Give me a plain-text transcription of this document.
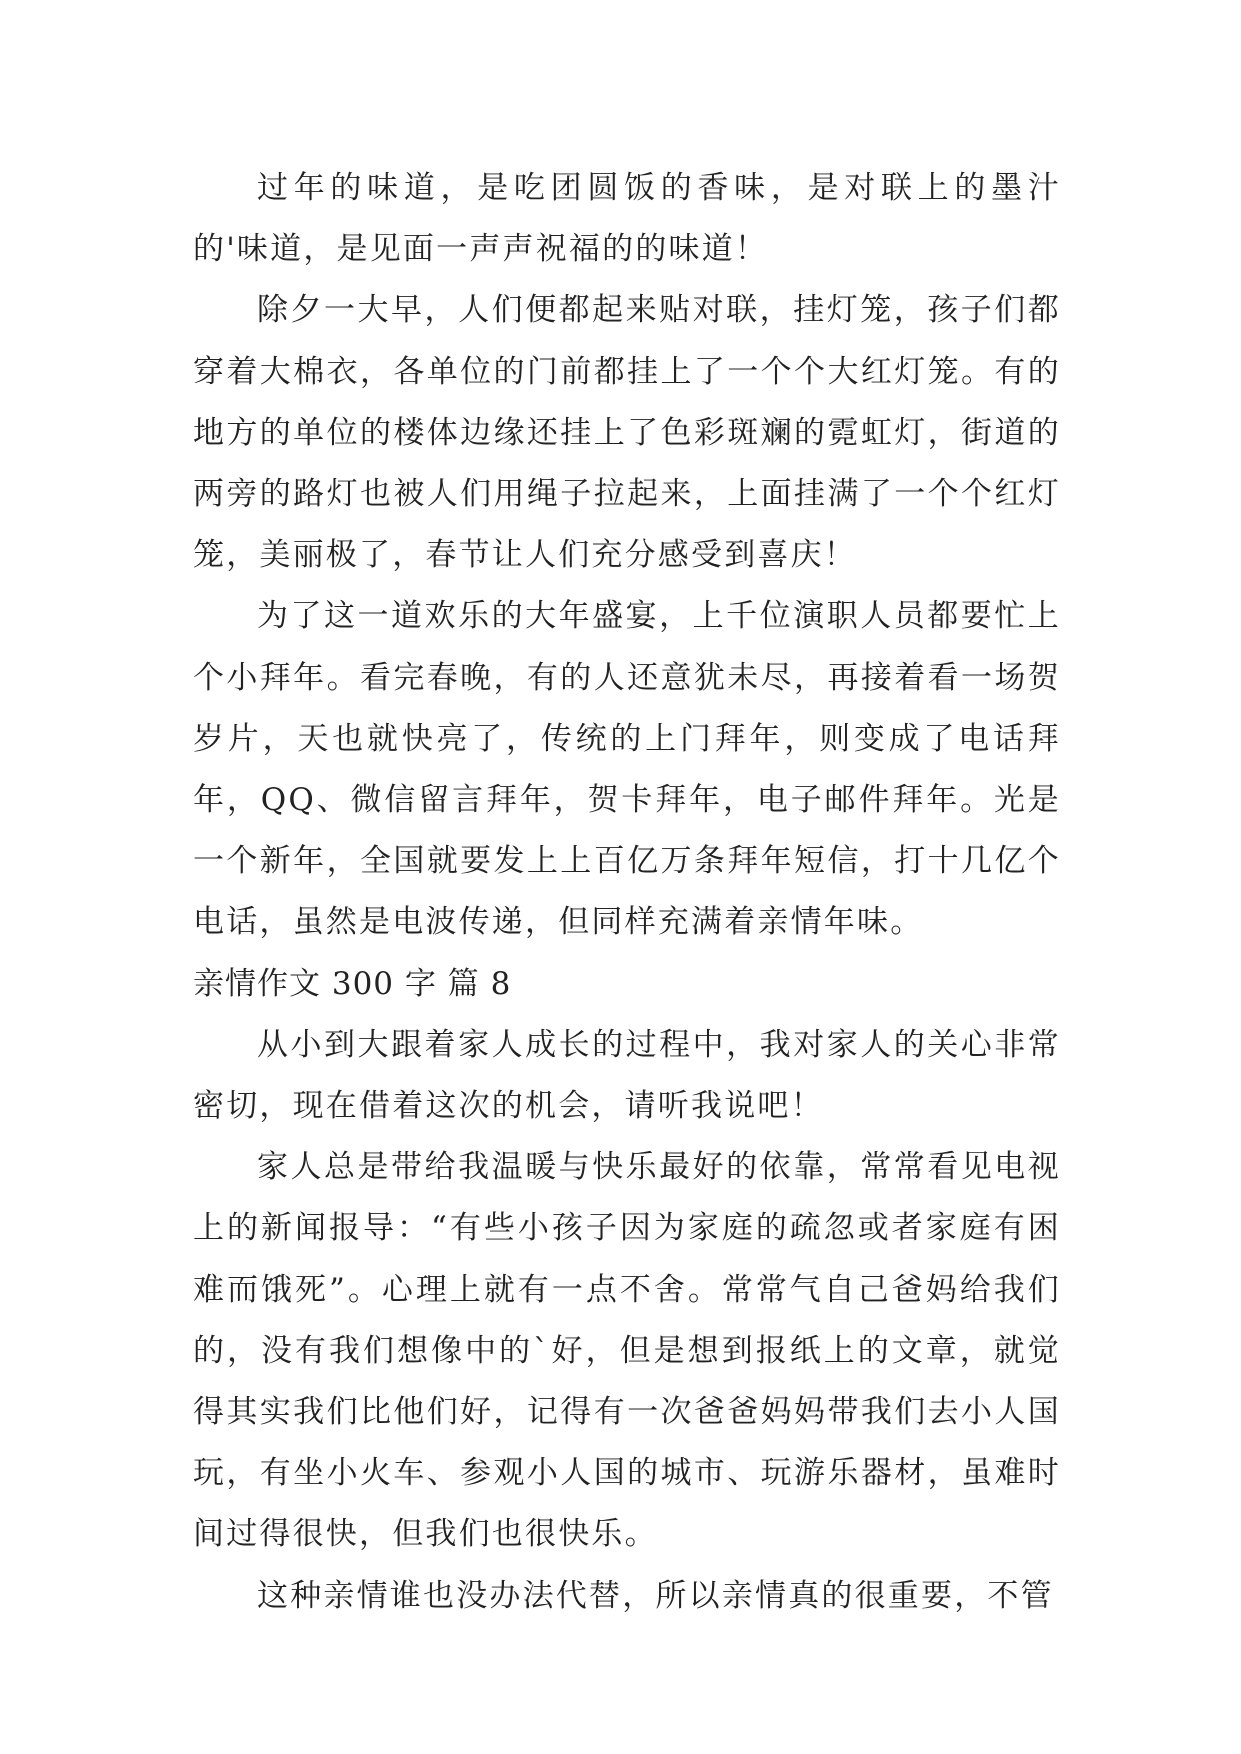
过年的味道，是吃团圆饭的香味，是对联上的墨汁的'味道，是见面一声声祝福的的味道！

除夕一大早，人们便都起来贴对联，挂灯笼，孩子们都穿着大棉衣，各单位的门前都挂上了一个个大红灯笼。有的地方的单位的楼体边缘还挂上了色彩斑斓的霓虹灯，街道的两旁的路灯也被人们用绳子拉起来，上面挂满了一个个红灯笼，美丽极了，春节让人们充分感受到喜庆！

为了这一道欢乐的大年盛宴，上千位演职人员都要忙上个小拜年。看完春晚，有的人还意犹未尽，再接着看一场贺岁片，天也就快亮了，传统的上门拜年，则变成了电话拜年，QQ、微信留言拜年，贺卡拜年，电子邮件拜年。光是一个新年，全国就要发上上百亿万条拜年短信，打十几亿个电话，虽然是电波传递，但同样充满着亲情年味。

亲情作文 300 字 篇 8

从小到大跟着家人成长的过程中，我对家人的关心非常密切，现在借着这次的机会，请听我说吧！

家人总是带给我温暖与快乐最好的依靠，常常看见电视上的新闻报导：“有些小孩子因为家庭的疏忽或者家庭有困难而饿死”。心理上就有一点不舍。常常气自己爸妈给我们的，没有我们想像中的`好，但是想到报纸上的文章，就觉得其实我们比他们好，记得有一次爸爸妈妈带我们去小人国玩，有坐小火车、参观小人国的城市、玩游乐器材，虽难时间过得很快，但我们也很快乐。

这种亲情谁也没办法代替，所以亲情真的很重要，不管
